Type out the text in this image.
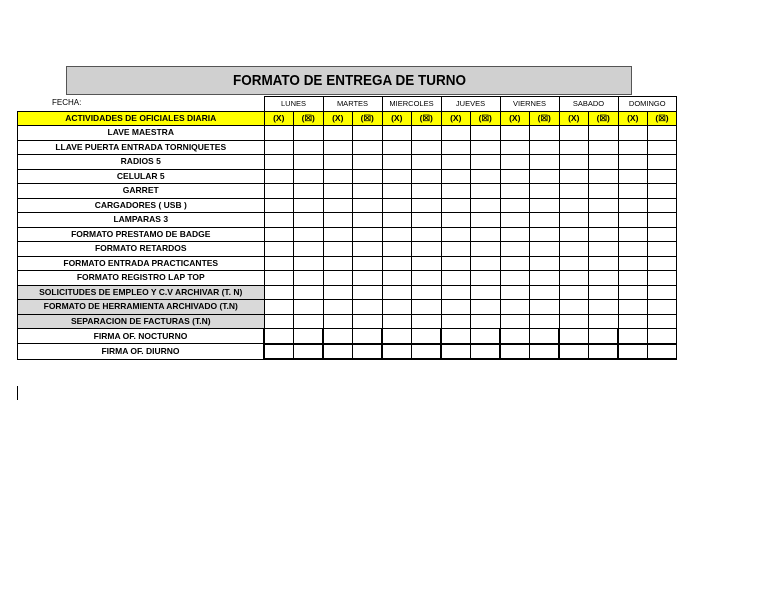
FORMATO DE ENTREGA DE TURNO
FECHA:
		LUNES		MARTES		MIERCOLES		JUEVES		VIERNES		SABADO		DOMINGO	
ACTIVIDADES DE OFICIALES DIARIA	(X)	(☒)	(X)	(☒)	(X)	(☒)	(X)	(☒)	(X)	(☒)	(X)	(☒)	(X)	(☒)
LAVE MAESTRA														
LLAVE PUERTA ENTRADA TORNIQUETES														
RADIOS 5														
CELULAR 5														
GARRET														
CARGADORES ( USB )														
LAMPARAS 3														
FORMATO PRESTAMO DE BADGE														
FORMATO RETARDOS														
FORMATO ENTRADA PRACTICANTES														
FORMATO REGISTRO LAP TOP														
SOLICITUDES DE EMPLEO Y C.V ARCHIVAR (T. N)														
FORMATO DE HERRAMIENTA ARCHIVADO (T.N)														
SEPARACION DE FACTURAS (T.N)														
FIRMA OF. NOCTURNO														
FIRMA OF. DIURNO														
